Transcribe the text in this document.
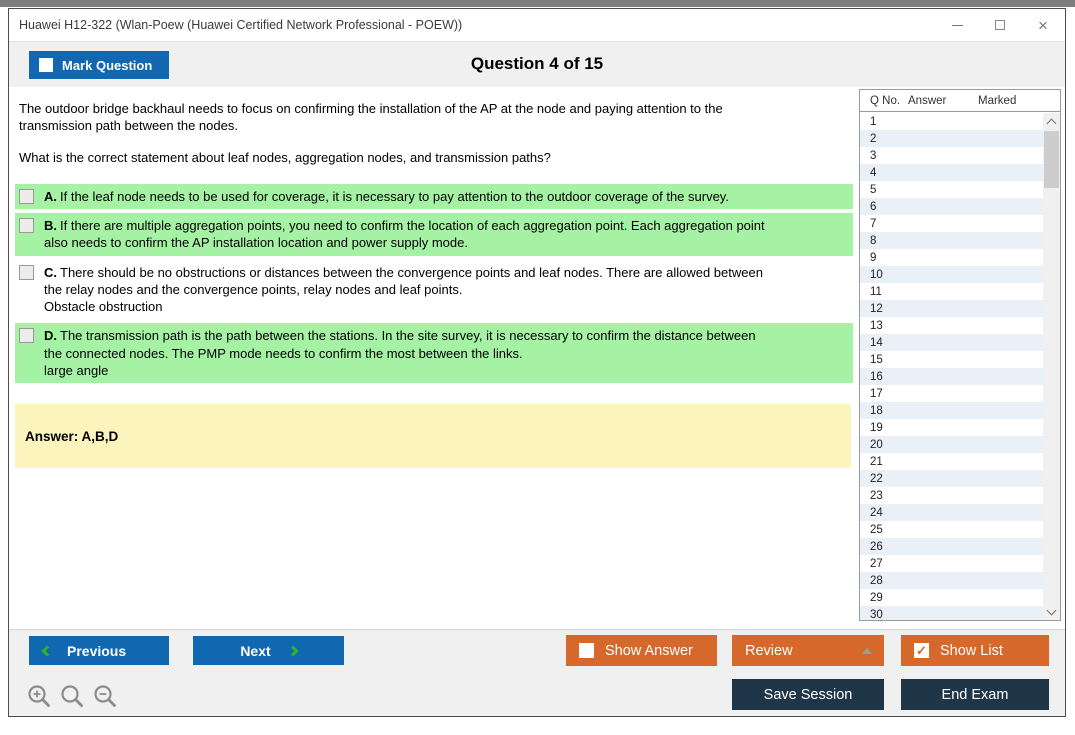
Huawei H12-322 (Wlan-Poew (Huawei Certified Network Professional - POEW))	×
Question 4 of 15
Mark Question
The outdoor bridge backhaul needs to focus on confirming the installation of the AP at the node and paying attention to the transmission path between the nodes.
What is the correct statement about leaf nodes, aggregation nodes, and transmission paths?
A. If the leaf node needs to be used for coverage, it is necessary to pay attention to the outdoor coverage of the survey.
B. If there are multiple aggregation points, you need to confirm the location of each aggregation point. Each aggregation point also needs to confirm the AP installation location and power supply mode.
C. There should be no obstructions or distances between the convergence points and leaf nodes. There are allowed between the relay nodes and the convergence points, relay nodes and leaf points.
Obstacle obstruction
D. The transmission path is the path between the stations. In the site survey, it is necessary to confirm the distance between the connected nodes. The PMP mode needs to confirm the most between the links.
large angle
Answer: A,B,D
Q No. Answer	Marked
1
2
3
4
5
6
7
8
9
10
11
12
13
14
15
16
17
18
19
20
21
22
23
24
25
26
27
28
29
30
Previous	Next	Show Answer	Review	✓ Show List
Save Session	End Exam
